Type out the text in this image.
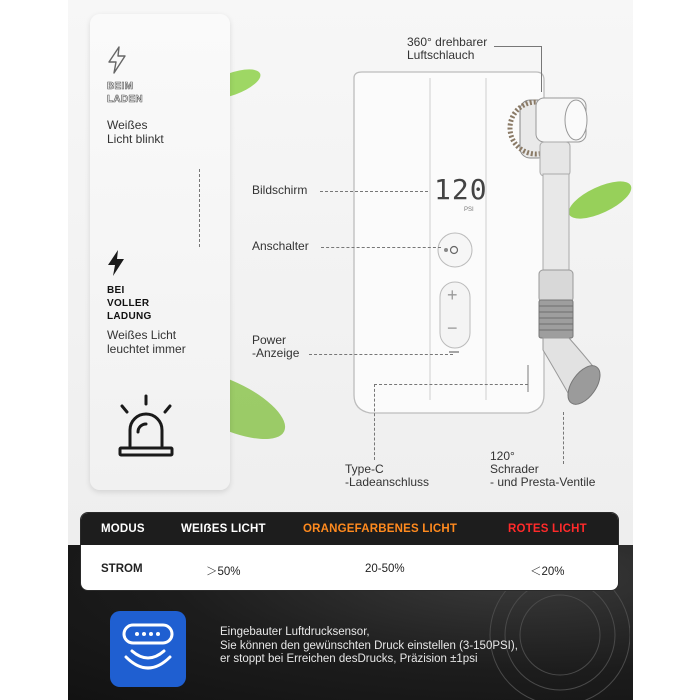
BEIM
LADEN
Weißes
Licht blinkt
BEI
VOLLER
LADUNG
Weißes Licht
leuchtet immer
120
PSI
+
−
360° drehbarer
Luftschlauch
Bildschirm
Anschalter
Power
-Anzeige
Type-C
-Ladeanschluss
120°
Schrader
- und Presta-Ventile
MODUS	WEIẞES LICHT	ORANGEFARBENES LICHT	ROTES LICHT
STROM	＞50%	20-50%	＜20%
Eingebauter Luftdrucksensor,
Sie können den gewünschten Druck einstellen (3-150PSI),
er stoppt bei Erreichen desDrucks, Präzision ±1psi
